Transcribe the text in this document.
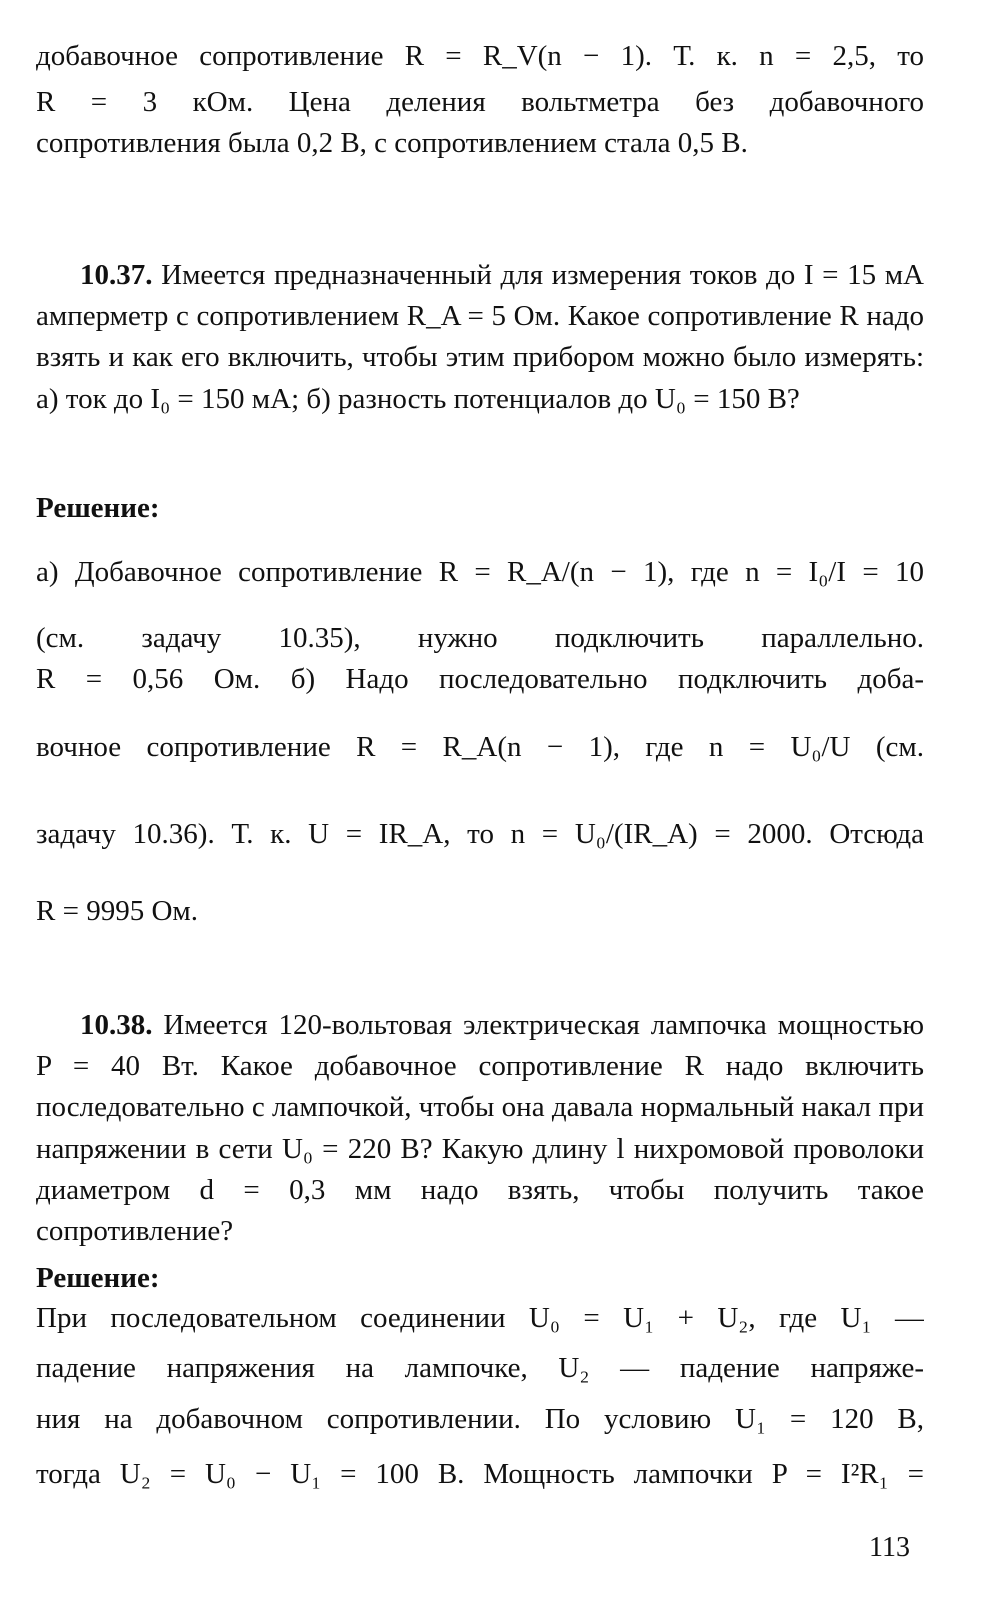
добавочное сопротивление R = R_V(n − 1). Т. к. n = 2,5, то
R = 3 кОм. Цена деления вольтметра без добавочного
сопротивления была 0,2 В, с сопротивлением стала 0,5 В.
10.37. Имеется предназначенный для измерения токов до I = 15 мА амперметр с сопротивлением R_A = 5 Ом. Какое сопротивление R надо взять и как его включить, чтобы этим прибором можно было измерять: а) ток до I₀ = 150 мА; б) разность потенциалов до U₀ = 150 В?
Решение:
а) Добавочное сопротивление R = R_A/(n − 1), где n = I₀/I = 10
(см. задачу 10.35), нужно подключить параллельно.
R = 0,56 Ом. б) Надо последовательно подключить доба-
вочное сопротивление R = R_A(n − 1), где n = U₀/U (см.
задачу 10.36). Т. к. U = IR_A, то n = U₀/(IR_A) = 2000. Отсюда
R = 9995 Ом.
10.38. Имеется 120-вольтовая электрическая лампочка мощностью P = 40 Вт. Какое добавочное сопротивление R надо включить последовательно с лампочкой, чтобы она давала нормальный накал при напряжении в сети U₀ = 220 В? Какую длину l нихромовой проволоки диаметром d = 0,3 мм надо взять, чтобы получить такое сопротивление?
Решение:
При последовательном соединении U₀ = U₁ + U₂, где U₁ —
падение напряжения на лампочке, U₂ — падение напряже-
ния на добавочном сопротивлении. По условию U₁ = 120 В,
тогда U₂ = U₀ − U₁ = 100 В. Мощность лампочки P = I²R₁ =
113
